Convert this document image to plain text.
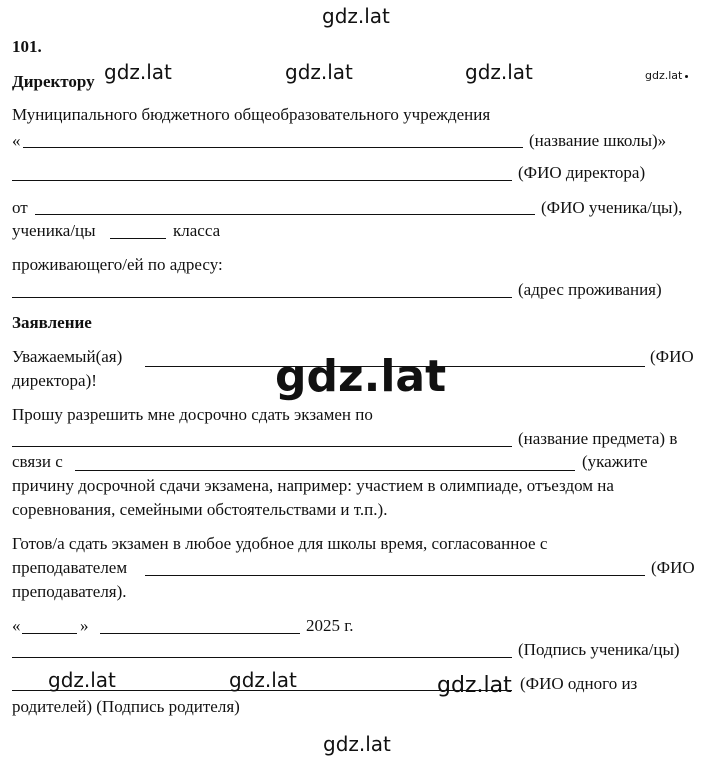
gdz.lat
gdz.lat	gdz.lat	gdz.lat	gdz.lat
101.
Директору
Муниципального бюджетного общеобразовательного учреждения
«	(название школы)»
(ФИО директора)
от	(ФИО ученика/цы),
ученика/цы	класса
проживающего/ей по адресу:
(адрес проживания)
Заявление
Уважаемый(ая)	(ФИО
директора)!	gdz.lat
Прошу разрешить мне досрочно сдать экзамен по
(название предмета) в
связи с	(укажите
причину досрочной сдачи экзамена, например: участием в олимпиаде, отъездом на
соревнования, семейными обстоятельствами и т.п.).
Готов/а сдать экзамен в любое удобное для школы время, согласованное с
преподавателем	(ФИО
преподавателя).
«	»	2025 г.
(Подпись ученика/цы)
gdz.lat	gdz.lat	gdz.lat (ФИО одного из
родителей) (Подпись родителя)
gdz.lat
